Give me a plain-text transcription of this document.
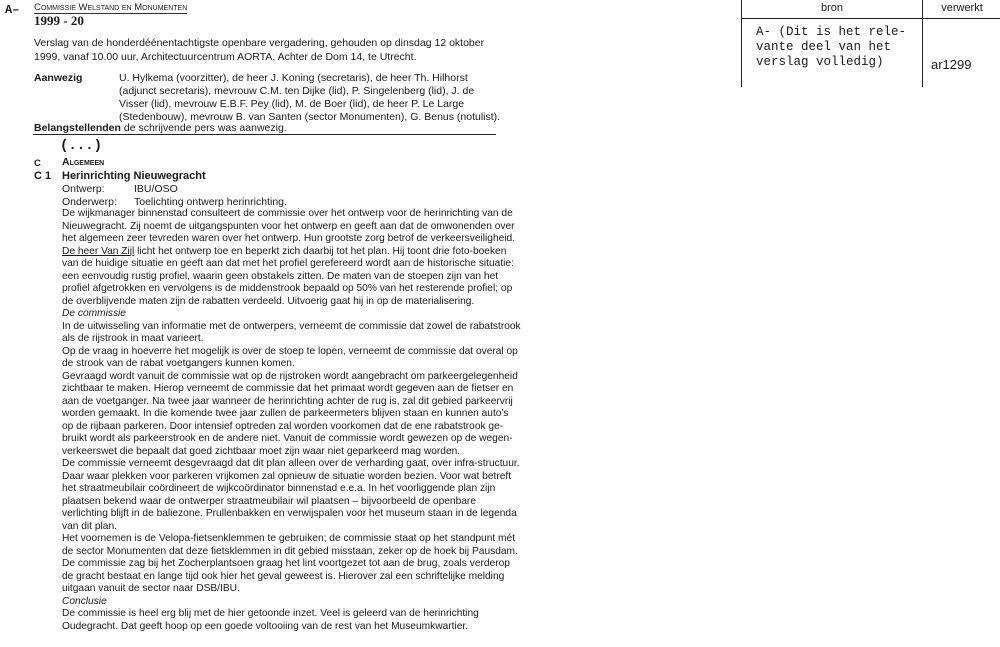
A– Commissie Welstand en Monumenten
1999 - 20
Verslag van de honderdéénentachtigste openbare vergadering, gehouden op dinsdag 12 oktober
1999, vanaf 10.00 uur, Architectuurcentrum AORTA, Achter de Dom 14, te Utrecht.
Aanwezig	U. Hylkema (voorzitter), de heer J. Koning (secretaris), de heer Th. Hilhorst
(adjunct secretaris), mevrouw C.M. ten Dijke (lid), P. Singelenberg (lid), J. de
Visser (lid), mevrouw E.B.F. Pey (lid), M. de Boer (lid), de heer P. Le Large
(Stedenbouw), mevrouw B. van Santen (sector Monumenten), G. Benus (notulist).
Belangstellenden de schrijvende pers was aanwezig.
(...)
C Algemeen
C 1 Herinrichting Nieuwegracht
Ontwerp:	IBU/OSO
Onderwerp: Toelichting ontwerp herinrichting.
De wijkmanager binnenstad consulteert de commissie over het ontwerp voor de herinrichting van de
Nieuwegracht. Zij noemt de uitgangspunten voor het ontwerp en geeft aan dat de omwonenden over
het algemeen zeer tevreden waren over het ontwerp. Hun grootste zorg betrof de verkeersveiligheid.
De heer Van Zijl licht het ontwerp toe en beperkt zich daarbij tot het plan. Hij toont drie foto-boeken
van de huidige situatie en geeft aan dat met het profiel gerefereerd wordt aan de historische situatie:
een eenvoudig rustig profiel, waarin geen obstakels zitten. De maten van de stoepen zijn van het
profiel afgetrokken en vervolgens is de middenstrook bepaald op 50% van het resterende profiel; op
de overblijvende maten zijn de rabatten verdeeld. Uitvoerig gaat hij in op de materialisering.
De commissie
In de uitwisseling van informatie met de ontwerpers, verneemt de commissie dat zowel de rabatstrook
als de rijstrook in maat varieert.
Op de vraag in hoeverre het mogelijk is over de stoep te lopen, verneemt de commissie dat overal op
de strook van de rabat voetgangers kunnen komen.
Gevraagd wordt vanuit de commissie wat op de rijstroken wordt aangebracht om parkeergelegenheid
zichtbaar te maken. Hierop verneemt de commissie dat het primaat wordt gegeven aan de fietser en
aan de voetganger. Na twee jaar wanneer de herinrichting achter de rug is, zal dit gebied parkeervrij
worden gemaakt. In die komende twee jaar zullen de parkeermeters blijven staan en kunnen auto's
op de rijbaan parkeren. Door intensief optreden zal worden voorkomen dat de ene rabatstrook ge-
bruikt wordt als parkeerstrook en de andere niet. Vanuit de commissie wordt gewezen op de wegen-
verkeerswet die bepaalt dat goed zichtbaar moet zijn waar niet geparkeerd mag worden.
De commissie verneemt desgevraagd dat dit plan alleen over de verharding gaat, over infra-structuur.
Daar waar plekken voor parkeren vrijkomen zal opnieuw de situatie worden bezien. Voor wat betreft
het straatmeubilair coördineert de wijkcoördinator binnenstad e.e.a. In het voorliggende plan zijn
plaatsen bekend waar de ontwerper straatmeubilair wil plaatsen – bijvoorbeeld de openbare
verlichting blijft in de baliezone. Prullenbakken en verwijspalen voor het museum staan in de legenda
van dit plan.
Het voornemen is de Velopa-fietsenklemmen te gebruiken; de commissie staat op het standpunt mét
de sector Monumenten dat deze fietsklemmen in dit gebied misstaan, zeker op de hoek bij Pausdam.
De commissie zag bij het Zocherplantsoen graag het lint voortgezet tot aan de brug, zoals verderop
de gracht bestaat en lange tijd ook hier het geval geweest is. Hierover zal een schriftelijke melding
uitgaan vanuit de sector naar DSB/IBU.
Conclusie
De commissie is heel erg blij met de hier getoonde inzet. Veel is geleerd van de herinrichting
Oudegracht. Dat geeft hoop op een goede voltooiing van de rest van het Museumkwartier.
bron	verwerkt
A- (Dit is het rele-
vante deel van het
verslag volledig)	ar1299
